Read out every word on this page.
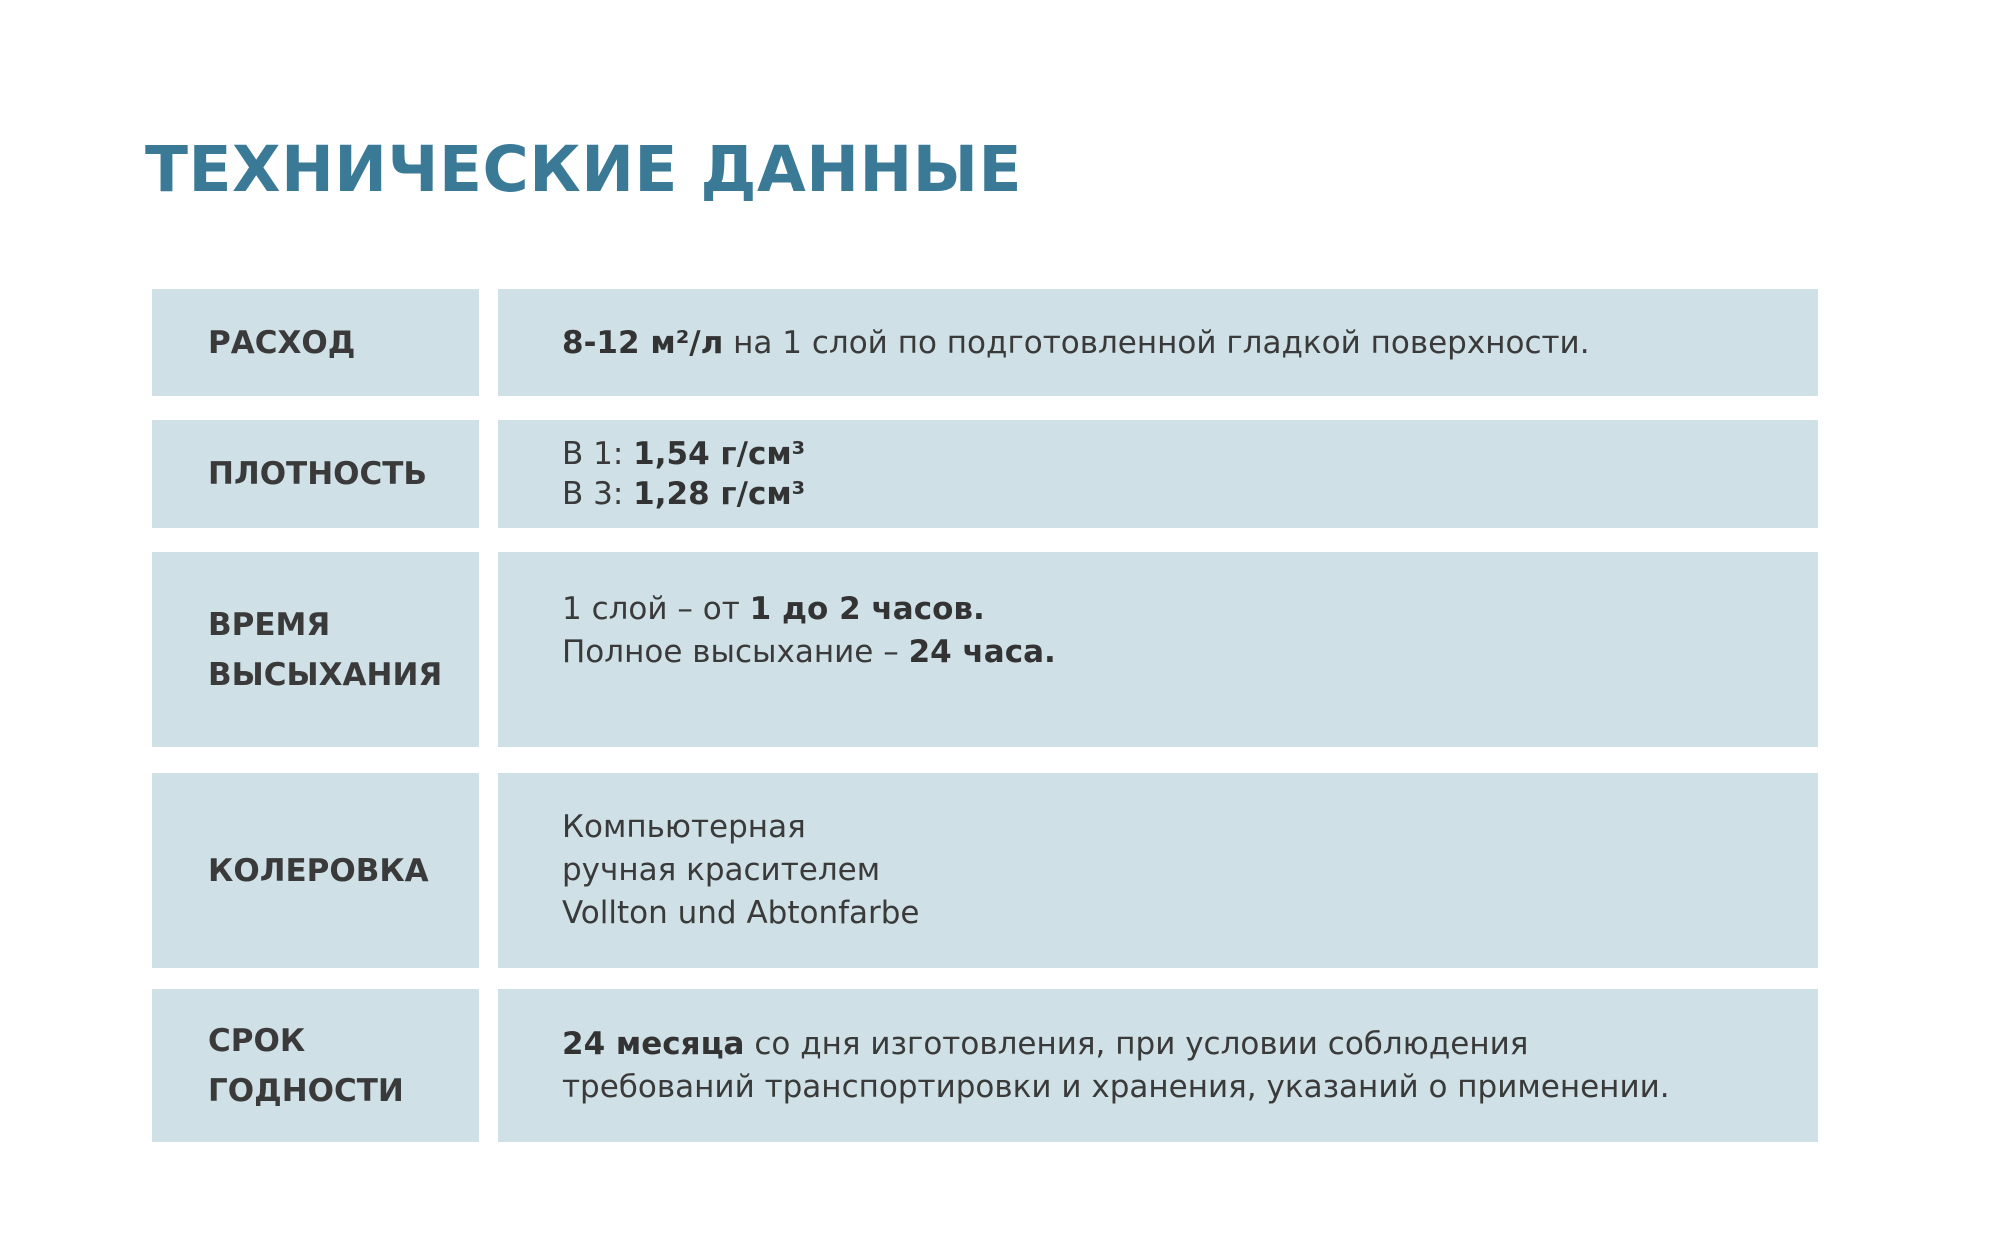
ТЕХНИЧЕСКИЕ ДАННЫЕ
РАСХОД	8-12 м²/л на 1 слой по подготовленной гладкой поверхности.
ПЛОТНОСТЬ
В 1: 1,54 г/см³
В 3: 1,28 г/см³
ВРЕМЯ
ВЫСЫХАНИЯ
1 слой – от 1 до 2 часов.
Полное высыхание – 24 часа.
КОЛЕРОВКА
Компьютерная
ручная красителем
Vollton und Abtonfarbe
СРОК
ГОДНОСТИ
24 месяца со дня изготовления, при условии соблюдения
требований транспортировки и хранения, указаний о применении.
